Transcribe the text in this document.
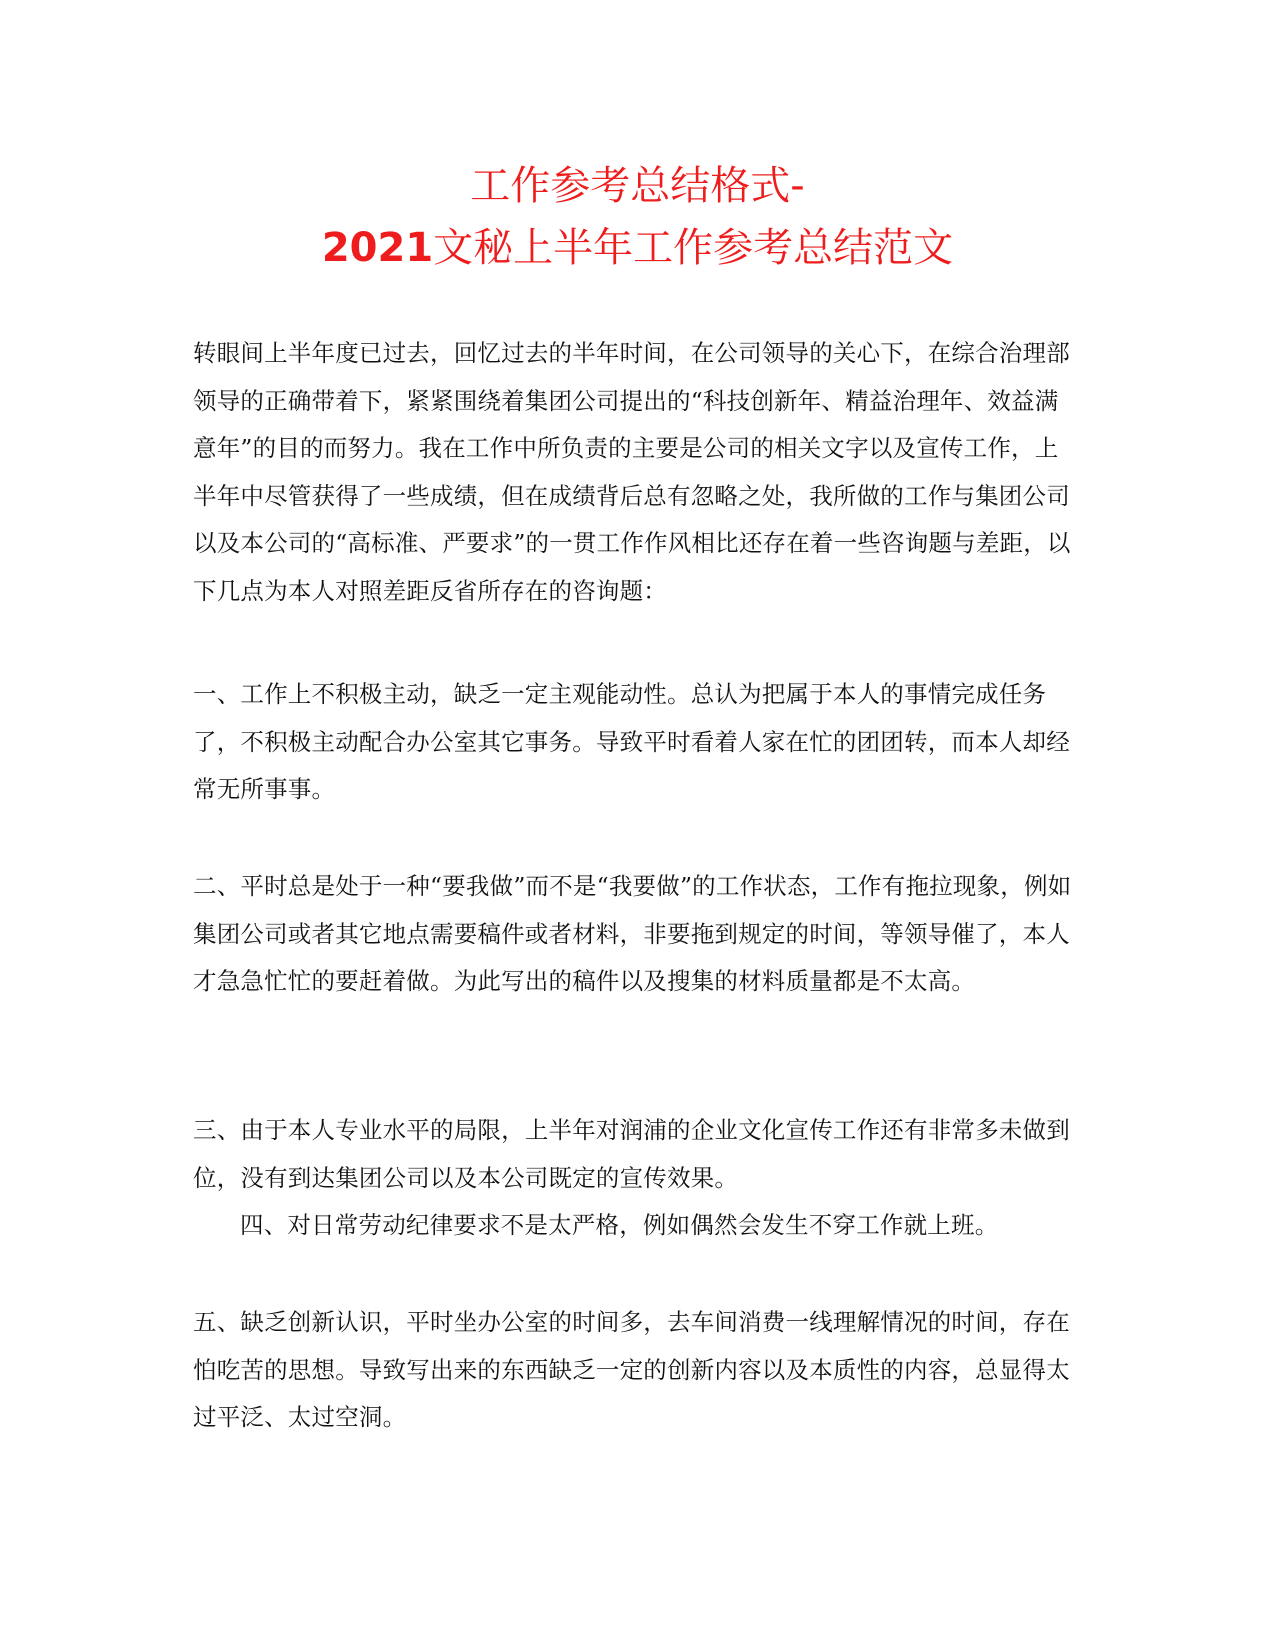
工作参考总结格式-
2021文秘上半年工作参考总结范文

转眼间上半年度已过去，回忆过去的半年时间，在公司领导的关心下，在综合治理部领导的正确带着下，紧紧围绕着集团公司提出的“科技创新年、精益治理年、效益满意年”的目的而努力。我在工作中所负责的主要是公司的相关文字以及宣传工作，上半年中尽管获得了一些成绩，但在成绩背后总有忽略之处，我所做的工作与集团公司以及本公司的“高标准、严要求”的一贯工作作风相比还存在着一些咨询题与差距，以下几点为本人对照差距反省所存在的咨询题：

一、工作上不积极主动，缺乏一定主观能动性。总认为把属于本人的事情完成任务了，不积极主动配合办公室其它事务。导致平时看着人家在忙的团团转，而本人却经常无所事事。

二、平时总是处于一种“要我做”而不是“我要做”的工作状态，工作有拖拉现象，例如集团公司或者其它地点需要稿件或者材料，非要拖到规定的时间，等领导催了，本人才急急忙忙的要赶着做。为此写出的稿件以及搜集的材料质量都是不太高。

三、由于本人专业水平的局限，上半年对润浦的企业文化宣传工作还有非常多未做到位，没有到达集团公司以及本公司既定的宣传效果。

四、对日常劳动纪律要求不是太严格，例如偶然会发生不穿工作就上班。

五、缺乏创新认识，平时坐办公室的时间多，去车间消费一线理解情况的时间，存在怕吃苦的思想。导致写出来的东西缺乏一定的创新内容以及本质性的内容，总显得太过平泛、太过空洞。
